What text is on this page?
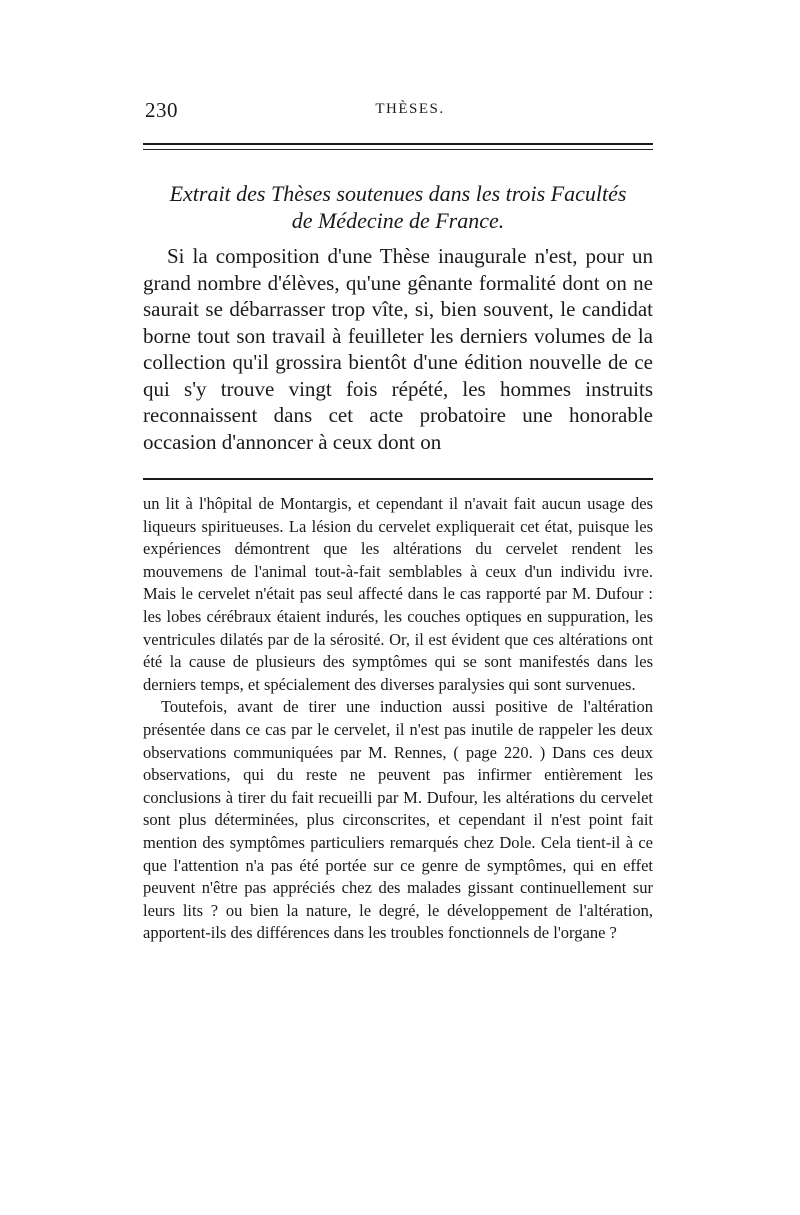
230	THÈSES.
Extrait des Thèses soutenues dans les trois Facultés
de Médecine de France.
Si la composition d'une Thèse inaugurale n'est, pour un grand nombre d'élèves, qu'une gênante formalité dont on ne saurait se débarrasser trop vîte, si, bien souvent, le candidat borne tout son travail à feuilleter les derniers volumes de la collection qu'il grossira bientôt d'une édition nouvelle de ce qui s'y trouve vingt fois répété, les hommes instruits reconnaissent dans cet acte probatoire une honorable occasion d'annoncer à ceux dont on

un lit à l'hôpital de Montargis, et cependant il n'avait fait aucun usage des liqueurs spiritueuses. La lésion du cervelet expliquerait cet état, puisque les expériences démontrent que les altérations du cervelet rendent les mouvemens de l'animal tout-à-fait semblables à ceux d'un individu ivre. Mais le cervelet n'était pas seul affecté dans le cas rapporté par M. Dufour : les lobes cérébraux étaient indurés, les couches optiques en suppuration, les ventricules dilatés par de la sérosité. Or, il est évident que ces altérations ont été la cause de plusieurs des symptômes qui se sont manifestés dans les derniers temps, et spécialement des diverses paralysies qui sont survenues.

Toutefois, avant de tirer une induction aussi positive de l'altération présentée dans ce cas par le cervelet, il n'est pas inutile de rappeler les deux observations communiquées par M. Rennes, ( page 220. ) Dans ces deux observations, qui du reste ne peuvent pas infirmer entièrement les conclusions à tirer du fait recueilli par M. Dufour, les altérations du cervelet sont plus déterminées, plus circonscrites, et cependant il n'est point fait mention des symptômes particuliers remarqués chez Dole. Cela tient-il à ce que l'attention n'a pas été portée sur ce genre de symptômes, qui en effet peuvent n'être pas appréciés chez des malades gissant continuellement sur leurs lits ? ou bien la nature, le degré, le développement de l'altération, apportent-ils des différences dans les troubles fonctionnels de l'organe ?
